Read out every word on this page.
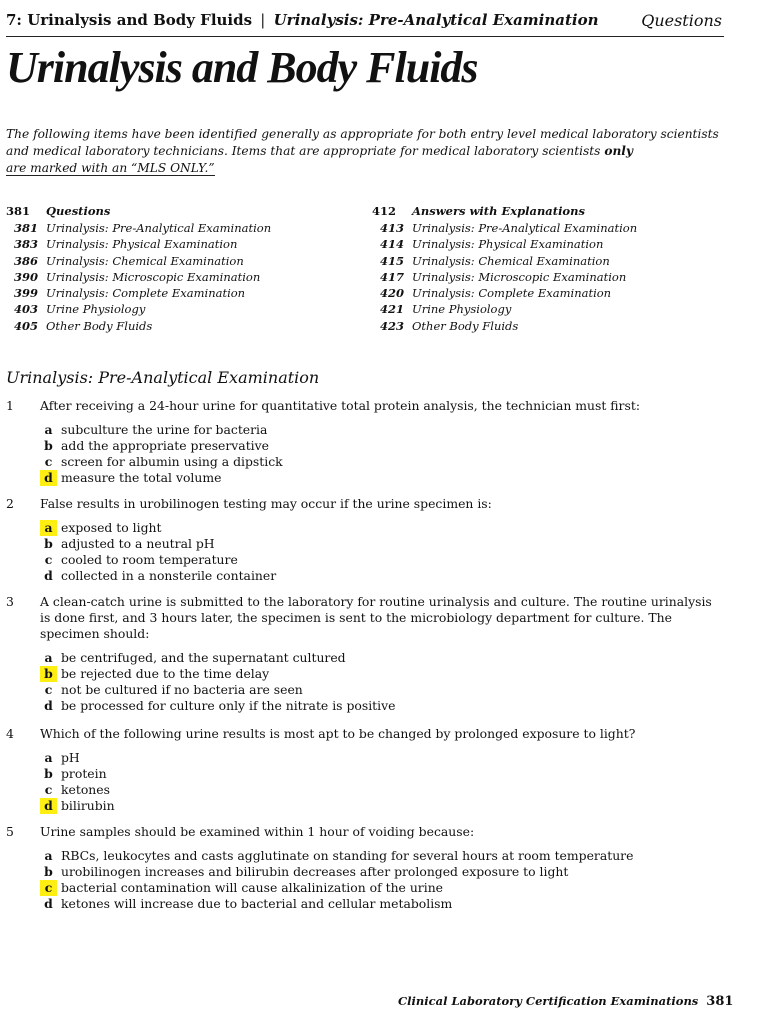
7: Urinalysis and Body Fluids | Urinalysis: Pre-Analytical Examination	Questions
Urinalysis and Body Fluids
The following items have been identified generally as appropriate for both entry level medical laboratory scientists and medical laboratory technicians. Items that are appropriate for medical laboratory scientists only
are marked with an “MLS ONLY.”
381	Questions
381 Urinalysis: Pre-Analytical Examination
383 Urinalysis: Physical Examination
386 Urinalysis: Chemical Examination
390 Urinalysis: Microscopic Examination
399 Urinalysis: Complete Examination
403 Urine Physiology
405 Other Body Fluids
412	Answers with Explanations
413 Urinalysis: Pre-Analytical Examination
414 Urinalysis: Physical Examination
415 Urinalysis: Chemical Examination
417 Urinalysis: Microscopic Examination
420 Urinalysis: Complete Examination
421 Urine Physiology
423 Other Body Fluids
Urinalysis: Pre-Analytical Examination
1 After receiving a 24-hour urine for quantitative total protein analysis, the technician must first:
a subculture the urine for bacteria
b add the appropriate preservative
c screen for albumin using a dipstick
d measure the total volume
2 False results in urobilinogen testing may occur if the urine specimen is:
a exposed to light
b adjusted to a neutral pH
c cooled to room temperature
d collected in a nonsterile container
3 A clean-catch urine is submitted to the laboratory for routine urinalysis and culture. The routine urinalysis is done first, and 3 hours later, the specimen is sent to the microbiology department for culture. The specimen should:
a be centrifuged, and the supernatant cultured
b be rejected due to the time delay
c not be cultured if no bacteria are seen
d be processed for culture only if the nitrate is positive
4 Which of the following urine results is most apt to be changed by prolonged exposure to light?
a pH
b protein
c ketones
d bilirubin
5 Urine samples should be examined within 1 hour of voiding because:
a RBCs, leukocytes and casts agglutinate on standing for several hours at room temperature
b urobilinogen increases and bilirubin decreases after prolonged exposure to light
c bacterial contamination will cause alkalinization of the urine
d ketones will increase due to bacterial and cellular metabolism
Clinical Laboratory Certification Examinations 381
